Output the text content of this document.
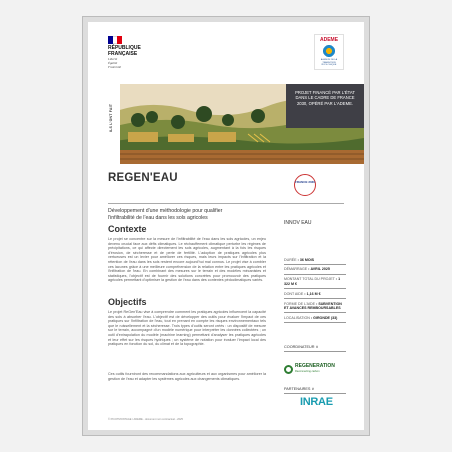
RÉPUBLIQUE
FRANÇAISE
Liberté
Égalité
Fraternité
ADEME
AGENCE DE LA TRANSITION ÉCOLOGIQUE
ILS L'ONT FAIT
PROJET FINANCÉ PAR L'ÉTAT DANS LE CADRE DE FRANCE 2030, OPÉRÉ PAR L'ADEME.
REGEN'EAU	FRANCE 2030
Développement d'une méthodologie pour qualifier l'infiltrabilité de l'eau dans les sols agricoles
INNOV EAU
Contexte
Le projet se concentre sur la mesure de l'infiltrabilité de l'eau dans les sols agricoles, un enjeu devenu crucial face aux défis climatiques. Le réchauffement climatique perturbe les régimes de précipitations, ce qui affecte directement les sols agricoles, augmentant à la fois les risques d'érosion, de sécheresse et de perte de fertilité. L'adoption de pratiques agricoles plus vertueuses est un levier pour améliorer ces risques, mais leurs impacts sur l'infiltration et la rétention de l'eau dans les sols restent encore aujourd'hui mal connus. Le projet vise à combler ces lacunes grâce à une meilleure compréhension de la relation entre les pratiques agricoles et l'infiltration de l'eau. En combinant des mesures sur le terrain et des modèles mécanistes et statistiques, l'objectif est de fournir des solutions concrètes pour promouvoir des pratiques agricoles permettant d'optimiser la gestion de l'eau dans des contextes pédoclimatiques variés.
Objectifs
Le projet ReGen'Eau vise à comprendre comment les pratiques agricoles influencent la capacité des sols à absorber l'eau. L'objectif est de développer des outils pour évaluer l'impact de ces pratiques sur l'infiltration de l'eau, tout en prenant en compte les risques environnementaux tels que le ruissellement et la sécheresse. Trois types d'outils seront créés : un dispositif de mesure sur le terrain, accompagné d'un modèle numérique pour interpréter les données collectées ; un outil d'extrapolation du modèle (machine learning) permettant d'analyser les pratiques agricoles et leur effet sur les risques hydriques ; un système de notation pour évaluer l'impact local des pratiques en fonction du sol, du climat et de la topographie.
Ces outils fourniront des recommandations aux agriculteurs et aux organismes pour améliorer la gestion de l'eau et adapter les systèmes agricoles aux changements climatiques.
DURÉE • 36 MOIS
DÉMARRAGE • AVRIL 2025
MONTANT TOTAL DU PROJET • 1 322 M €
DONT AIDE • 1,16 M €
FORME DE L'AIDE • SUBVENTION ET AVANCES REMBOURSABLES
LOCALISATION • GIRONDE (33)
COORDINATEUR ∨
REGENERATION
Reconnecting carbon
PARTENAIRES ∨
INRAE
© PICOTMONTAGE / ADEME - document non contractuel - 2025
